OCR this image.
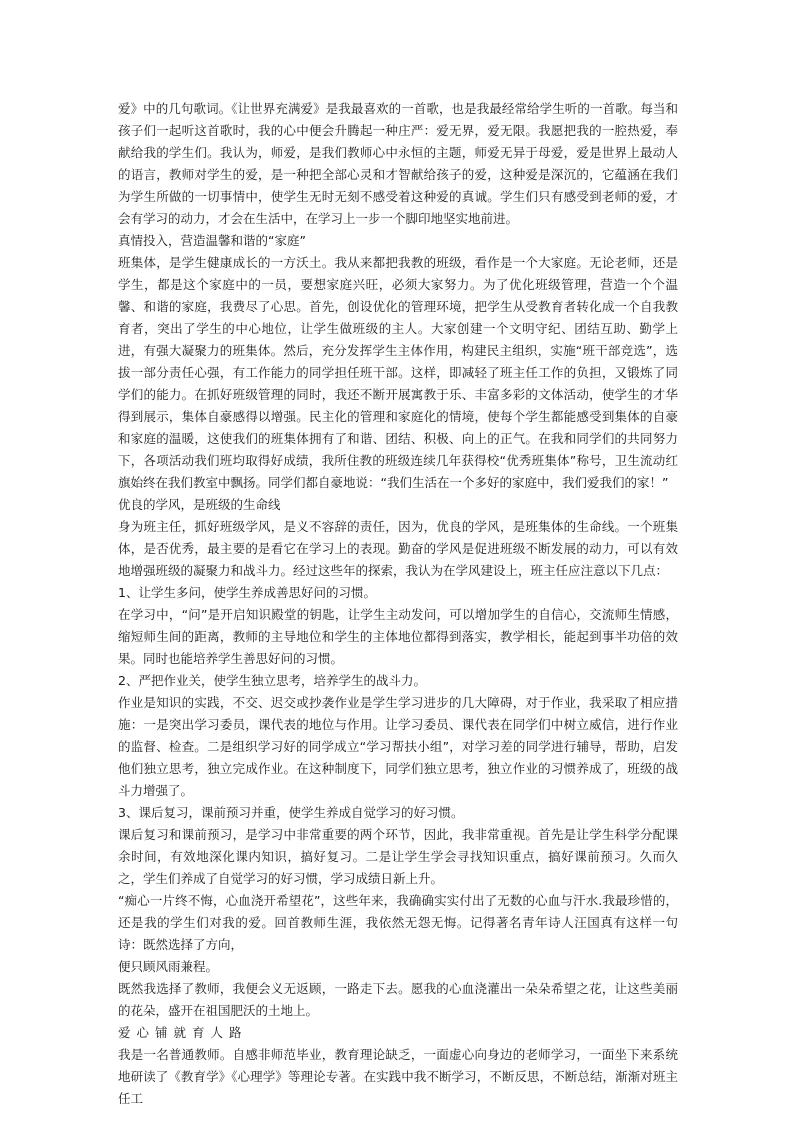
爱》中的几句歌词。《让世界充满爱》是我最喜欢的一首歌，也是我最经常给学生听的一首歌。每当和孩子们一起听这首歌时，我的心中便会升腾起一种庄严：爱无界，爱无限。我愿把我的一腔热爱，奉献给我的学生们。我认为，师爱，是我们教师心中永恒的主题，师爱无异于母爱，爱是世界上最动人的语言，教师对学生的爱，是一种把全部心灵和才智献给孩子的爱，这种爱是深沉的，它蕴涵在我们为学生所做的一切事情中，使学生无时无刻不感受着这种爱的真诚。学生们只有感受到老师的爱，才会有学习的动力，才会在生活中，在学习上一步一个脚印地坚实地前进。

真情投入，营造温馨和谐的“家庭”

班集体，是学生健康成长的一方沃土。我从来都把我教的班级，看作是一个大家庭。无论老师，还是学生，都是这个家庭中的一员，要想家庭兴旺，必须大家努力。为了优化班级管理，营造一个个温馨、和谐的家庭，我费尽了心思。首先，创设优化的管理环境，把学生从受教育者转化成一个自我教育者，突出了学生的中心地位，让学生做班级的主人。大家创建一个文明守纪、团结互助、勤学上进，有强大凝聚力的班集体。然后，充分发挥学生主体作用，构建民主组织，实施“班干部竞选”，选拔一部分责任心强，有工作能力的同学担任班干部。这样，即减轻了班主任工作的负担，又锻炼了同学们的能力。在抓好班级管理的同时，我还不断开展寓教于乐、丰富多彩的文体活动，使学生的才华得到展示，集体自豪感得以增强。民主化的管理和家庭化的情境，使每个学生都能感受到集体的自豪和家庭的温暖，这使我们的班集体拥有了和谐、团结、积极、向上的正气。在我和同学们的共同努力下，各项活动我们班均取得好成绩，我所住教的班级连续几年获得校“优秀班集体”称号，卫生流动红旗始终在我们教室中飘扬。同学们都自豪地说：“我们生活在一个多好的家庭中，我们爱我们的家！”

优良的学风，是班级的生命线

身为班主任，抓好班级学风，是义不容辞的责任，因为，优良的学风，是班集体的生命线。一个班集体，是否优秀，最主要的是看它在学习上的表现。勤奋的学风是促进班级不断发展的动力，可以有效地增强班级的凝聚力和战斗力。经过这些年的探索，我认为在学风建设上，班主任应注意以下几点：

1、让学生多问，使学生养成善思好问的习惯。

在学习中，“问”是开启知识殿堂的钥匙，让学生主动发问，可以增加学生的自信心，交流师生情感，缩短师生间的距离，教师的主导地位和学生的主体地位都得到落实，教学相长，能起到事半功倍的效果。同时也能培养学生善思好问的习惯。

2、严把作业关，使学生独立思考，培养学生的战斗力。

作业是知识的实践，不交、迟交或抄袭作业是学生学习进步的几大障碍，对于作业，我采取了相应措施：一是突出学习委员，课代表的地位与作用。让学习委员、课代表在同学们中树立威信，进行作业的监督、检查。二是组织学习好的同学成立“学习帮扶小组”，对学习差的同学进行辅导，帮助，启发他们独立思考，独立完成作业。在这种制度下，同学们独立思考，独立作业的习惯养成了，班级的战斗力增强了。

3、课后复习，课前预习并重，使学生养成自觉学习的好习惯。

课后复习和课前预习，是学习中非常重要的两个环节，因此，我非常重视。首先是让学生科学分配课余时间，有效地深化课内知识，搞好复习。二是让学生学会寻找知识重点，搞好课前预习。久而久之，学生们养成了自觉学习的好习惯，学习成绩日新上升。

“痴心一片终不悔，心血浇开希望花”，这些年来，我确确实实付出了无数的心血与汗水.我最珍惜的，还是我的学生们对我的爱。回首教师生涯，我依然无怨无悔。记得著名青年诗人汪国真有这样一句诗：既然选择了方向，

便只顾风雨兼程。

既然我选择了教师，我便会义无返顾，一路走下去。愿我的心血浇灌出一朵朵希望之花，让这些美丽的花朵，盛开在祖国肥沃的土地上。

爱心铺就育人路

我是一名普通教师。自感非师范毕业，教育理论缺乏，一面虚心向身边的老师学习，一面坐下来系统 地研读了《教育学》《心理学》等理论专著。在实践中我不断学习，不断反思，不断总结，渐渐对班主任工
